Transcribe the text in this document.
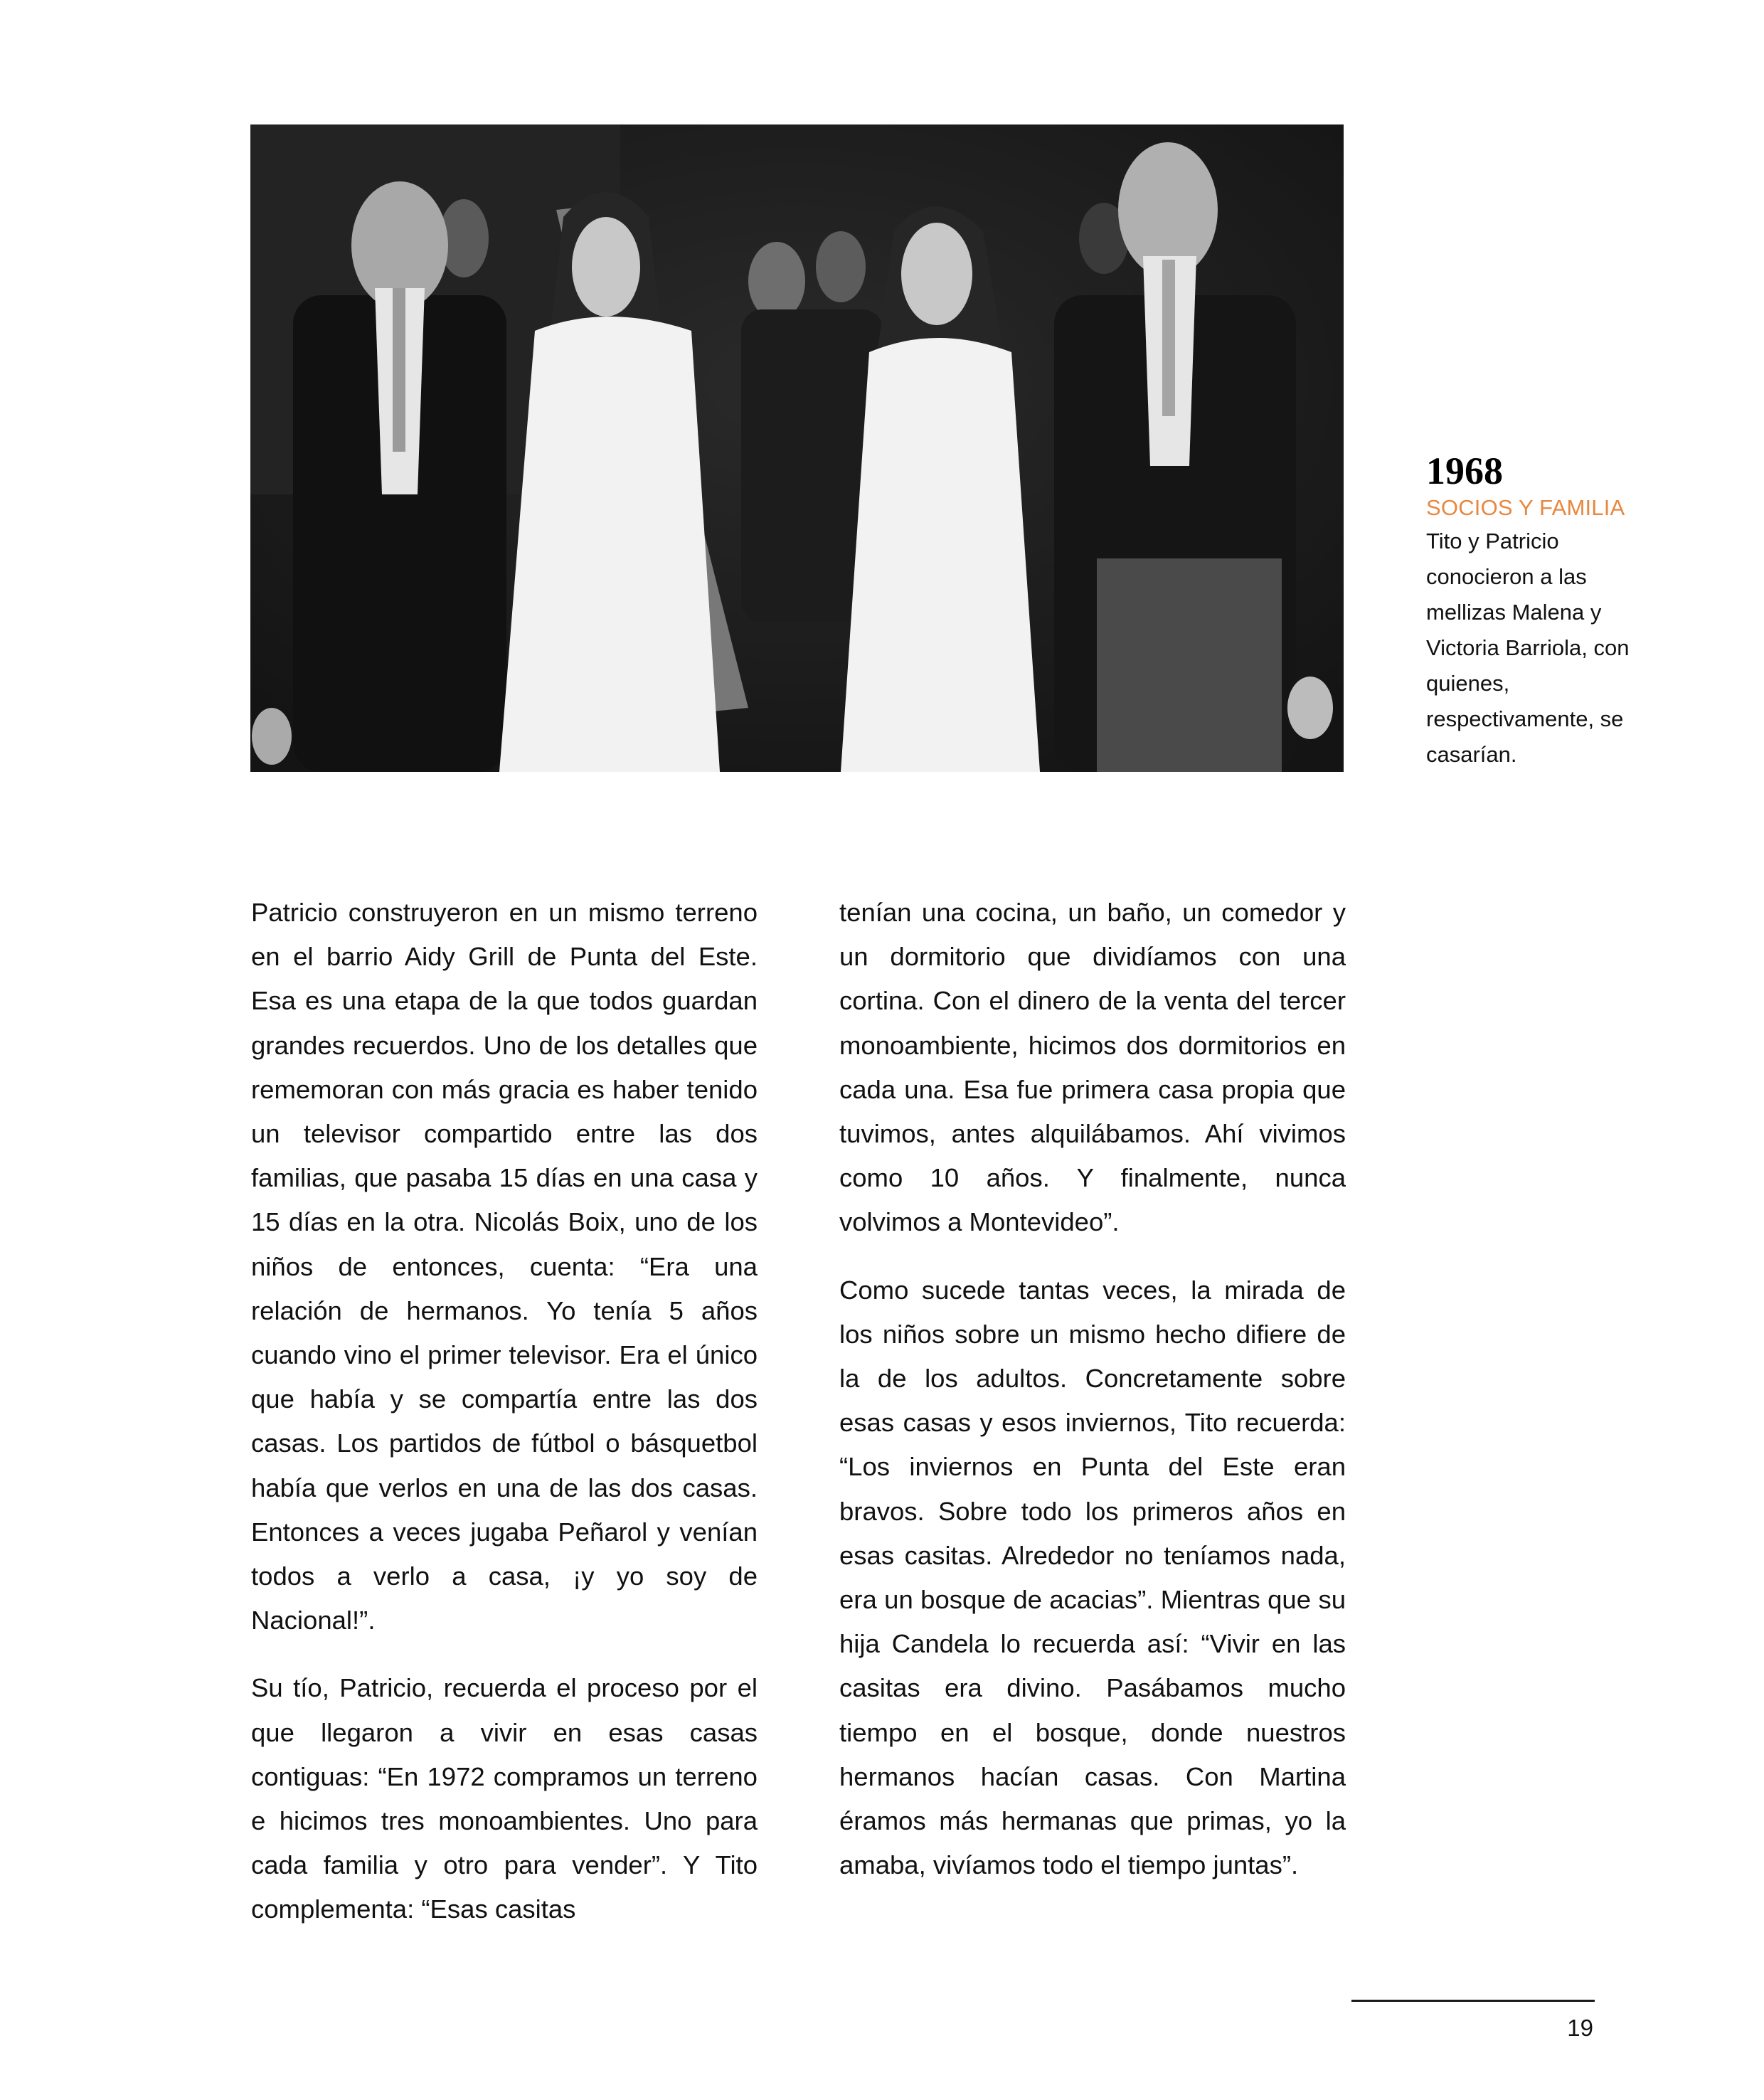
1968

SOCIOS Y FAMILIA

Tito y Patricio conocieron a las mellizas Malena y Victoria Barriola, con quienes, respectivamente, se casarían.

Patricio construyeron en un mismo terreno en el barrio Aidy Grill de Punta del Este. Esa es una etapa de la que todos guardan grandes recuerdos. Uno de los detalles que rememoran con más gracia es haber tenido un televisor compartido entre las dos familias, que pasaba 15 días en una casa y 15 días en la otra. Nicolás Boix, uno de los niños de entonces, cuenta: “Era una relación de hermanos. Yo tenía 5 años cuando vino el primer televisor. Era el único que había y se compartía entre las dos casas. Los partidos de fútbol o básquetbol había que verlos en una de las dos casas. Entonces a veces jugaba Peñarol y venían todos a verlo a casa, ¡y yo soy de Nacional!”.

Su tío, Patricio, recuerda el proceso por el que llegaron a vivir en esas casas contiguas: “En 1972 compramos un terreno e hicimos tres monoambientes. Uno para cada familia y otro para vender”. Y Tito complementa: “Esas casitas

tenían una cocina, un baño, un comedor y un dormitorio que dividíamos con una cortina. Con el dinero de la venta del tercer monoambiente, hicimos dos dormitorios en cada una. Esa fue primera casa propia que tuvimos, antes alquilábamos. Ahí vivimos como 10 años. Y finalmente, nunca volvimos a Montevideo”.

Como sucede tantas veces, la mirada de los niños sobre un mismo hecho difiere de la de los adultos. Concretamente sobre esas casas y esos inviernos, Tito recuerda: “Los inviernos en Punta del Este eran bravos. Sobre todo los primeros años en esas casitas. Alrededor no teníamos nada, era un bosque de acacias”. Mientras que su hija Candela lo recuerda así: “Vivir en las casitas era divino. Pasábamos mucho tiempo en el bosque, donde nuestros hermanos hacían casas. Con Martina éramos más hermanas que primas, yo la amaba, vivíamos todo el tiempo juntas”.

19
